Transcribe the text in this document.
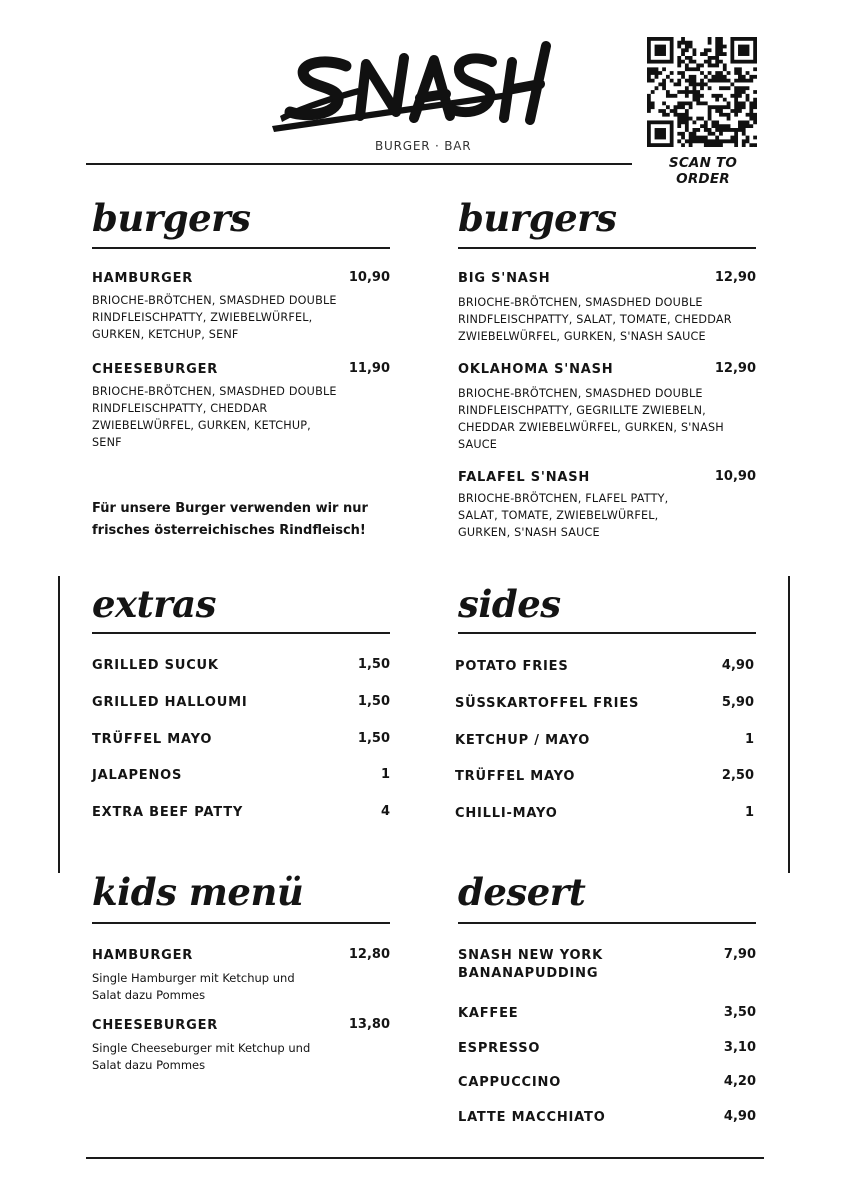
BURGER · BAR
SCAN TO ORDER
burgers
HAMBURGER	10,90
BRIOCHE-BRÖTCHEN, SMASDHED DOUBLE
RINDFLEISCHPATTY, ZWIEBELWÜRFEL,
GURKEN, KETCHUP, SENF
CHEESEBURGER	11,90
BRIOCHE-BRÖTCHEN, SMASDHED DOUBLE
RINDFLEISCHPATTY, CHEDDAR
ZWIEBELWÜRFEL, GURKEN, KETCHUP,
SENF
Für unsere Burger verwenden wir nur
frisches österreichisches Rindfleisch!
burgers
BIG S'NASH	12,90
BRIOCHE-BRÖTCHEN, SMASDHED DOUBLE
RINDFLEISCHPATTY, SALAT, TOMATE, CHEDDAR
ZWIEBELWÜRFEL, GURKEN, S'NASH SAUCE
OKLAHOMA S'NASH	12,90
BRIOCHE-BRÖTCHEN, SMASDHED DOUBLE
RINDFLEISCHPATTY, GEGRILLTE ZWIEBELN,
CHEDDAR ZWIEBELWÜRFEL, GURKEN, S'NASH
SAUCE
FALAFEL S'NASH	10,90
BRIOCHE-BRÖTCHEN, FLAFEL PATTY,
SALAT, TOMATE, ZWIEBELWÜRFEL,
GURKEN, S'NASH SAUCE
extras
GRILLED SUCUK	1,50
GRILLED HALLOUMI	1,50
TRÜFFEL MAYO	1,50
JALAPENOS	1
EXTRA BEEF PATTY	4
sides
POTATO FRIES	4,90
SÜSSKARTOFFEL FRIES	5,90
KETCHUP / MAYO	1
TRÜFFEL MAYO	2,50
CHILLI-MAYO	1
kids menü
HAMBURGER	12,80
Single Hamburger mit Ketchup und
Salat dazu Pommes
CHEESEBURGER	13,80
Single Cheeseburger mit Ketchup und
Salat dazu Pommes
desert
SNASH NEW YORK
BANANAPUDDING
7,90
KAFFEE	3,50
ESPRESSO	3,10
CAPPUCCINO	4,20
LATTE MACCHIATO	4,90
